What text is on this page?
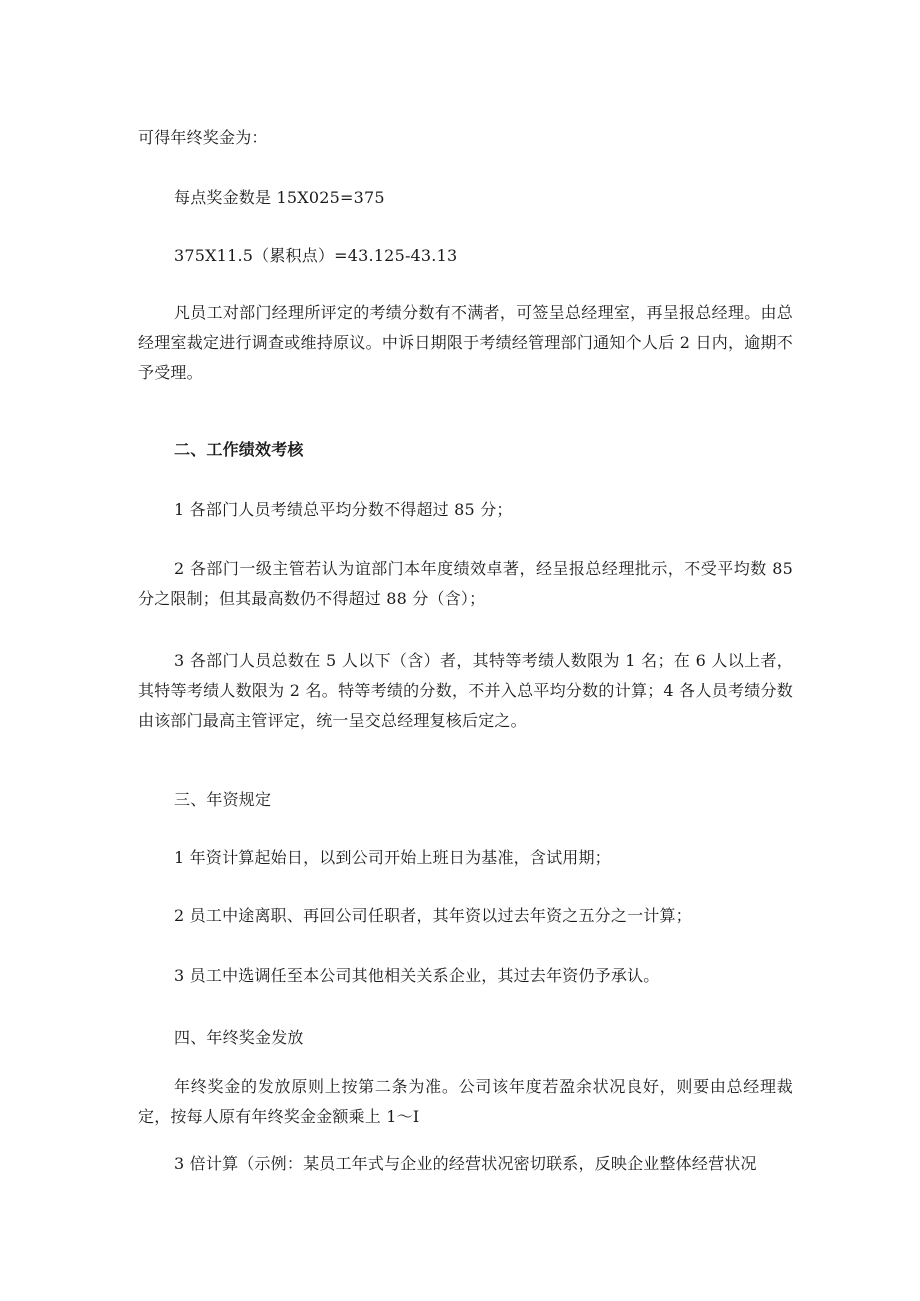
可得年终奖金为：
每点奖金数是 15X025=375
375X11.5（累积点）=43.125-43.13
凡员工对部门经理所评定的考绩分数有不满者，可签呈总经理室，再呈报总经理。由总经理室裁定进行调查或维持原议。中诉日期限于考绩经管理部门通知个人后 2 日内，逾期不予受理。
二、工作绩效考核
1 各部门人员考绩总平均分数不得超过 85 分；
2 各部门一级主管若认为谊部门本年度绩效卓著，经呈报总经理批示，不受平均数 85 分之限制；但其最高数仍不得超过 88 分（含）；
3 各部门人员总数在 5 人以下（含）者，其特等考绩人数限为 1 名；在 6 人以上者，其特等考绩人数限为 2 名。特等考绩的分数，不并入总平均分数的计算；4 各人员考绩分数由该部门最高主管评定，统一呈交总经理复核后定之。
三、年资规定
1 年资计算起始日，以到公司开始上班日为基准，含试用期；
2 员工中途离职、再回公司任职者，其年资以过去年资之五分之一计算；
3 员工中选调任至本公司其他相关关系企业，其过去年资仍予承认。
四、年终奖金发放
年终奖金的发放原则上按第二条为准。公司该年度若盈余状况良好，则要由总经理裁定，按每人原有年终奖金金额乘上 1〜I
3 倍计算（示例：某员工年式与企业的经营状况密切联系，反映企业整体经营状况
